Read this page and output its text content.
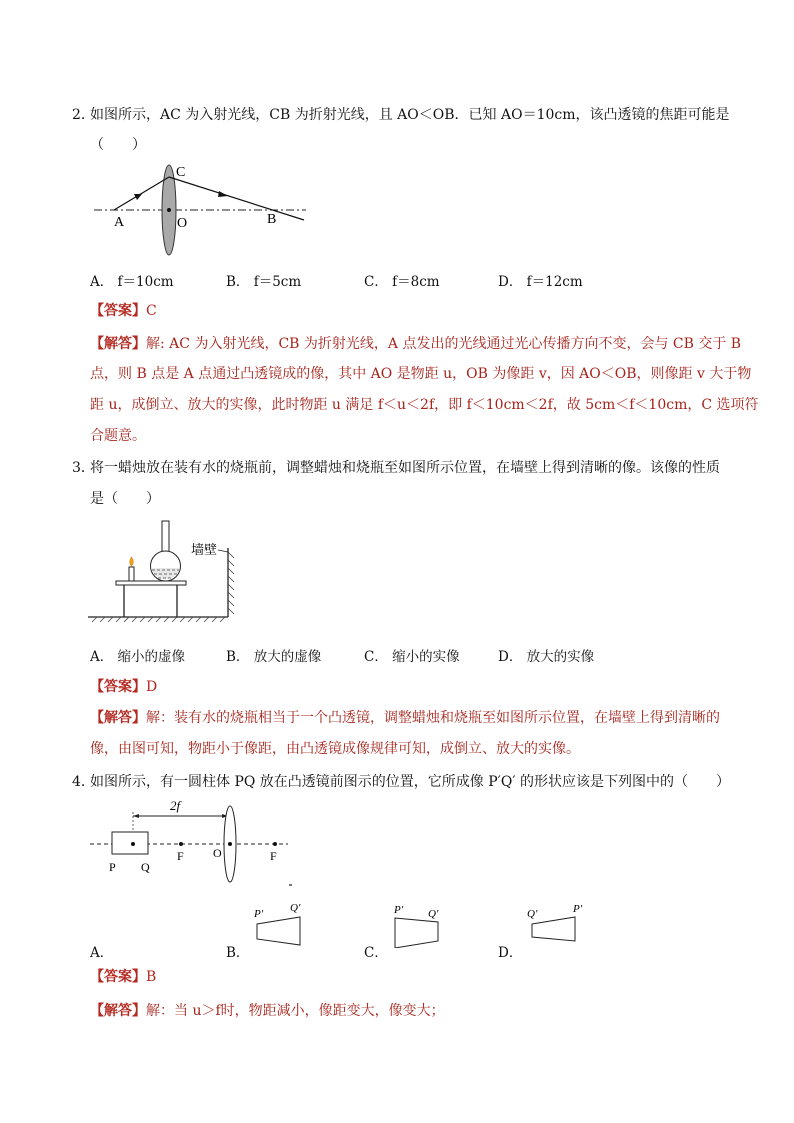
2．
如图所示，AC 为入射光线，CB 为折射光线，且 AO＜OB．已知 AO＝10cm，该凸透镜的焦距可能是
（　　）
A
C
O	B
A． f＝10cm	B． f＝5cm	C． f＝8cm	D． f＝12cm
【答案】C
【解答】解: AC 为入射光线，CB 为折射光线，A 点发出的光线通过光心传播方向不变，会与 CB 交于 B
点，则 B 点是 A 点通过凸透镜成的像，其中 AO 是物距 u，OB 为像距 v，因 AO＜OB，则像距 v 大于物
距 u，成倒立、放大的实像，此时物距 u 满足 f＜u＜2f，即 f＜10cm＜2f，故 5cm＜f＜10cm，C 选项符
合题意。
3．
将一蜡烛放在装有水的烧瓶前，调整蜡烛和烧瓶至如图所示位置，在墙壁上得到清晰的像。该像的性质
是（　　）
墙壁
A． 缩小的虚像	B． 放大的虚像	C． 缩小的实像	D． 放大的实像
【答案】D
【解答】解：装有水的烧瓶相当于一个凸透镜，调整蜡烛和烧瓶至如图所示位置，在墙壁上得到清晰的
像，由图可知，物距小于像距，由凸透镜成像规律可知，成倒立、放大的实像。
4．
如图所示，有一圆柱体 PQ 放在凸透镜前图示的位置，它所成像 P′Q′ 的形状应该是下列图中的（　　）
2f
P Q
F O	F
A．	B．
P′ Q′
C．
P′ Q′
D．
Q′	P′
【答案】B
【解答】解：当 u＞f时，物距减小，像距变大，像变大；
